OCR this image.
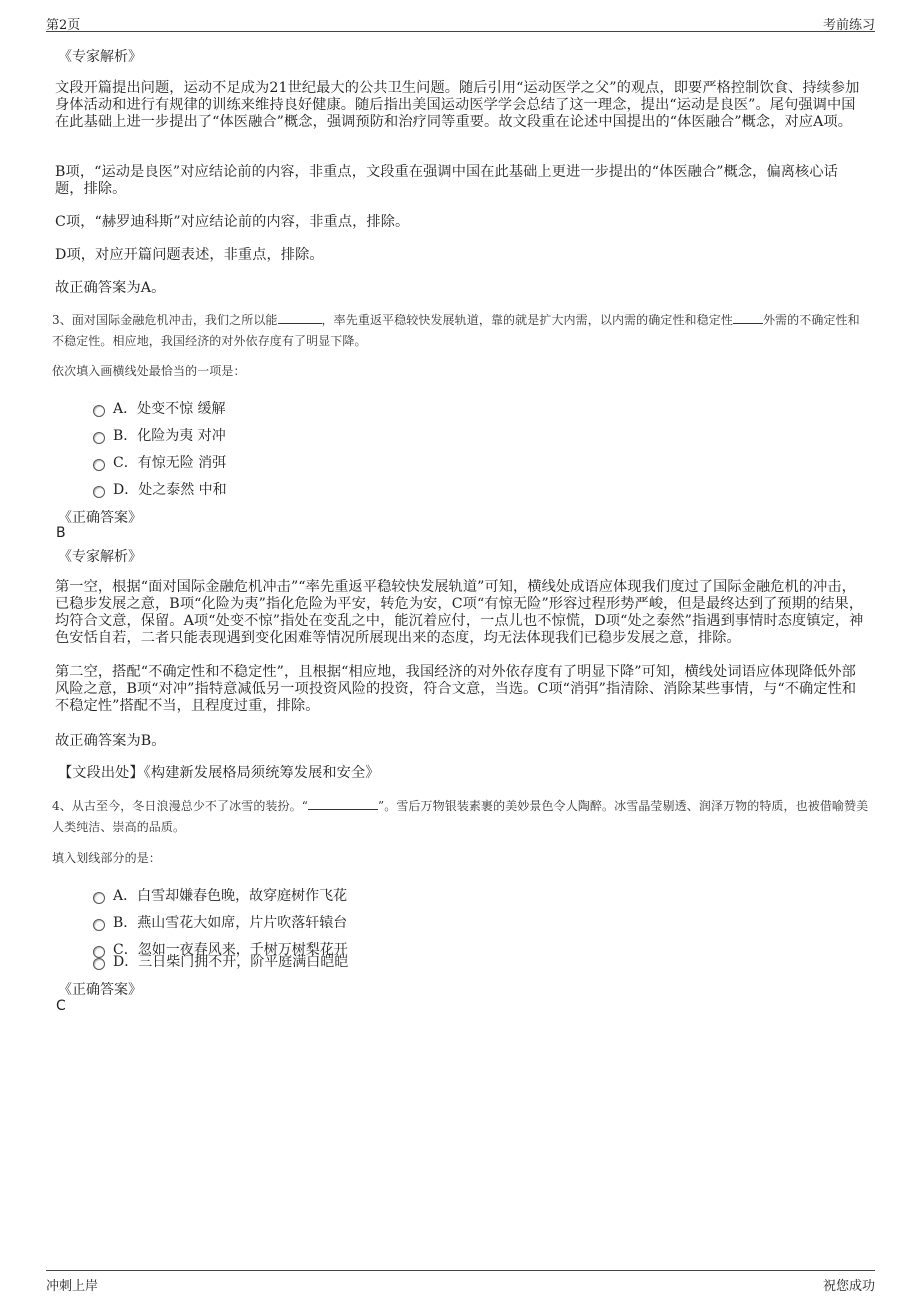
第2页	考前练习
《专家解析》

文段开篇提出问题，运动不足成为21世纪最大的公共卫生问题。随后引用“运动医学之父”的观点，即要严格控制饮食、持续参加身体活动和进行有规律的训练来维持良好健康。随后指出美国运动医学学会总结了这一理念，提出“运动是良医”。尾句强调中国在此基础上进一步提出了“体医融合”概念，强调预防和治疗同等重要。故文段重在论述中国提出的“体医融合”概念，对应A项。

B项，“运动是良医”对应结论前的内容，非重点，文段重在强调中国在此基础上更进一步提出的“体医融合”概念，偏离核心话题，排除。

C项，“赫罗迪科斯”对应结论前的内容，非重点，排除。

D项，对应开篇问题表述，非重点，排除。

故正确答案为A。

3、面对国际金融危机冲击，我们之所以能	，率先重返平稳较快发展轨道，靠的就是扩大内需，以内需的确定性和稳定性	外需的不确定性和不稳定性。相应地，我国经济的对外依存度有了明显下降。

依次填入画横线处最恰当的一项是：

A．处变不惊 缓解
B．化险为夷 对冲
C．有惊无险 消弭
D．处之泰然 中和
《正确答案》
B
《专家解析》

第一空，根据“面对国际金融危机冲击”“率先重返平稳较快发展轨道”可知，横线处成语应体现我们度过了国际金融危机的冲击，已稳步发展之意，B项“化险为夷”指化危险为平安，转危为安，C项“有惊无险”形容过程形势严峻，但是最终达到了预期的结果，均符合文意，保留。A项“处变不惊”指处在变乱之中，能沉着应付，一点儿也不惊慌，D项“处之泰然”指遇到事情时态度镇定，神色安恬自若，二者只能表现遇到变化困难等情况所展现出来的态度，均无法体现我们已稳步发展之意，排除。

第二空，搭配“不确定性和不稳定性”，且根据“相应地，我国经济的对外依存度有了明显下降”可知，横线处词语应体现降低外部风险之意，B项“对冲”指特意减低另一项投资风险的投资，符合文意，当选。C项“消弭”指清除、消除某些事情，与“不确定性和不稳定性”搭配不当，且程度过重，排除。

故正确答案为B。

【文段出处】《构建新发展格局须统筹发展和安全》

4、从古至今，冬日浪漫总少不了冰雪的装扮。“	”。雪后万物银装素裹的美妙景色令人陶醉。冰雪晶莹剔透、润泽万物的特质，也被借喻赞美人类纯洁、崇高的品质。

填入划线部分的是：

A．白雪却嫌春色晚，故穿庭树作飞花
B．燕山雪花大如席，片片吹落轩辕台
C．忽如一夜春风来，千树万树梨花开
D．三日柴门拥不开，阶平庭满白皑皑
《正确答案》
C
冲刺上岸	祝您成功
